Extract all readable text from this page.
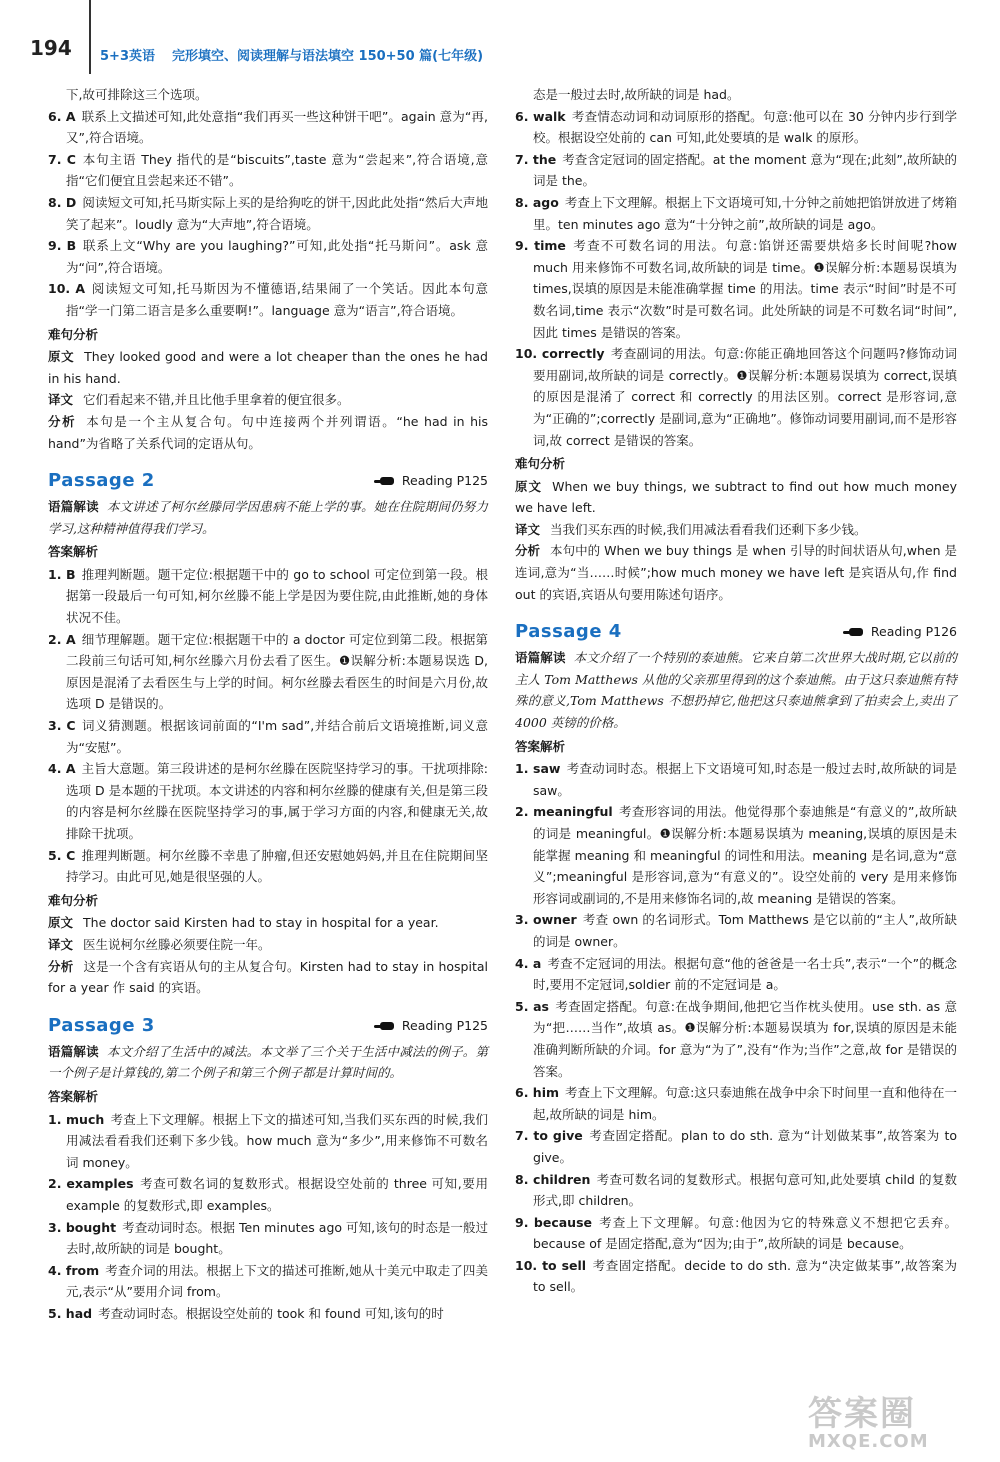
194 5+3英语 完形填空、阅读理解与语法填空 150+50 篇(七年级)

下,故可排除这三个选项。

6. A 联系上文描述可知,此处意指“我们再买一些这种饼干吧”。again 意为“再,又”,符合语境。

7. C 本句主语 They 指代的是“biscuits”,taste 意为“尝起来”,符合语境,意指“它们便宜且尝起来还不错”。

8. D 阅读短文可知,托马斯实际上买的是给狗吃的饼干,因此此处指“然后大声地笑了起来”。loudly 意为“大声地”,符合语境。

9. B 联系上文“Why are you laughing?”可知,此处指“托马斯问”。ask 意为“问”,符合语境。

10. A 阅读短文可知,托马斯因为不懂德语,结果闹了一个笑话。因此本句意指“学一门第二语言是多么重要啊!”。language 意为“语言”,符合语境。

难句分析

原文 They looked good and were a lot cheaper than the ones he had in his hand.

译文 它们看起来不错,并且比他手里拿着的便宜很多。

分析 本句是一个主从复合句。句中连接两个并列谓语。“he had in his hand”为省略了关系代词的定语从句。

Passage 2	Reading P125

语篇解读 本文讲述了柯尔丝滕同学因患病不能上学的事。她在住院期间仍努力学习,这种精神值得我们学习。

答案解析

1. B 推理判断题。题干定位:根据题干中的 go to school 可定位到第一段。根据第一段最后一句可知,柯尔丝滕不能上学是因为要住院,由此推断,她的身体状况不佳。

2. A 细节理解题。题干定位:根据题干中的 a doctor 可定位到第二段。根据第二段前三句话可知,柯尔丝滕六月份去看了医生。❶误解分析:本题易误选 D,原因是混淆了去看医生与上学的时间。柯尔丝滕去看医生的时间是六月份,故选项 D 是错误的。

3. C 词义猜测题。根据该词前面的“I'm sad”,并结合前后文语境推断,词义意为“安慰”。

4. A 主旨大意题。第三段讲述的是柯尔丝滕在医院坚持学习的事。干扰项排除:选项 D 是本题的干扰项。本文讲述的内容和柯尔丝滕的健康有关,但是第三段的内容是柯尔丝滕在医院坚持学习的事,属于学习方面的内容,和健康无关,故排除干扰项。

5. C 推理判断题。柯尔丝滕不幸患了肿瘤,但还安慰她妈妈,并且在住院期间坚持学习。由此可见,她是很坚强的人。

难句分析

原文 The doctor said Kirsten had to stay in hospital for a year.

译文 医生说柯尔丝滕必须要住院一年。

分析 这是一个含有宾语从句的主从复合句。Kirsten had to stay in hospital for a year 作 said 的宾语。

Passage 3	Reading P125

语篇解读 本文介绍了生活中的减法。本文举了三个关于生活中减法的例子。第一个例子是计算钱的,第二个例子和第三个例子都是计算时间的。

答案解析

1. much 考查上下文理解。根据上下文的描述可知,当我们买东西的时候,我们用减法看看我们还剩下多少钱。how much 意为“多少”,用来修饰不可数名词 money。

2. examples 考查可数名词的复数形式。根据设空处前的 three 可知,要用 example 的复数形式,即 examples。

3. bought 考查动词时态。根据 Ten minutes ago 可知,该句的时态是一般过去时,故所缺的词是 bought。

4. from 考查介词的用法。根据上下文的描述可推断,她从十美元中取走了四美元,表示“从”要用介词 from。

5. had 考查动词时态。根据设空处前的 took 和 found 可知,该句的时

态是一般过去时,故所缺的词是 had。

6. walk 考查情态动词和动词原形的搭配。句意:他可以在 30 分钟内步行到学校。根据设空处前的 can 可知,此处要填的是 walk 的原形。

7. the 考查含定冠词的固定搭配。at the moment 意为“现在;此刻”,故所缺的词是 the。

8. ago 考查上下文理解。根据上下文语境可知,十分钟之前她把馅饼放进了烤箱里。ten minutes ago 意为“十分钟之前”,故所缺的词是 ago。

9. time 考查不可数名词的用法。句意:馅饼还需要烘焙多长时间呢?how much 用来修饰不可数名词,故所缺的词是 time。❶误解分析:本题易误填为 times,误填的原因是未能准确掌握 time 的用法。time 表示“时间”时是不可数名词,time 表示“次数”时是可数名词。此处所缺的词是不可数名词“时间”,因此 times 是错误的答案。

10. correctly 考查副词的用法。句意:你能正确地回答这个问题吗?修饰动词要用副词,故所缺的词是 correctly。❶误解分析:本题易误填为 correct,误填的原因是混淆了 correct 和 correctly 的用法区别。correct 是形容词,意为“正确的”;correctly 是副词,意为“正确地”。修饰动词要用副词,而不是形容词,故 correct 是错误的答案。

难句分析

原文 When we buy things, we subtract to find out how much money we have left.

译文 当我们买东西的时候,我们用减法看看我们还剩下多少钱。

分析 本句中的 When we buy things 是 when 引导的时间状语从句,when 是连词,意为“当……时候”;how much money we have left 是宾语从句,作 find out 的宾语,宾语从句要用陈述句语序。

Passage 4	Reading P126

语篇解读 本文介绍了一个特别的泰迪熊。它来自第二次世界大战时期,它以前的主人 Tom Matthews 从他的父亲那里得到的这个泰迪熊。由于这只泰迪熊有特殊的意义,Tom Matthews 不想扔掉它,他把这只泰迪熊拿到了拍卖会上,卖出了 4000 英镑的价格。

答案解析

1. saw 考查动词时态。根据上下文语境可知,时态是一般过去时,故所缺的词是 saw。

2. meaningful 考查形容词的用法。他觉得那个泰迪熊是“有意义的”,故所缺的词是 meaningful。❶误解分析:本题易误填为 meaning,误填的原因是未能掌握 meaning 和 meaningful 的词性和用法。meaning 是名词,意为“意义”;meaningful 是形容词,意为“有意义的”。设空处前的 very 是用来修饰形容词或副词的,不是用来修饰名词的,故 meaning 是错误的答案。

3. owner 考查 own 的名词形式。Tom Matthews 是它以前的“主人”,故所缺的词是 owner。

4. a 考查不定冠词的用法。根据句意“他的爸爸是一名士兵”,表示“一个”的概念时,要用不定冠词,soldier 前的不定冠词是 a。

5. as 考查固定搭配。句意:在战争期间,他把它当作枕头使用。use sth. as 意为“把……当作”,故填 as。❶误解分析:本题易误填为 for,误填的原因是未能准确判断所缺的介词。for 意为“为了”,没有“作为;当作”之意,故 for 是错误的答案。

6. him 考查上下文理解。句意:这只泰迪熊在战争中余下时间里一直和他待在一起,故所缺的词是 him。

7. to give 考查固定搭配。plan to do sth. 意为“计划做某事”,故答案为 to give。

8. children 考查可数名词的复数形式。根据句意可知,此处要填 child 的复数形式,即 children。

9. because 考查上下文理解。句意:他因为它的特殊意义不想把它丢弃。because of 是固定搭配,意为“因为;由于”,故所缺的词是 because。

10. to sell 考查固定搭配。decide to do sth. 意为“决定做某事”,故答案为 to sell。

答案圈
MXQE.COM
